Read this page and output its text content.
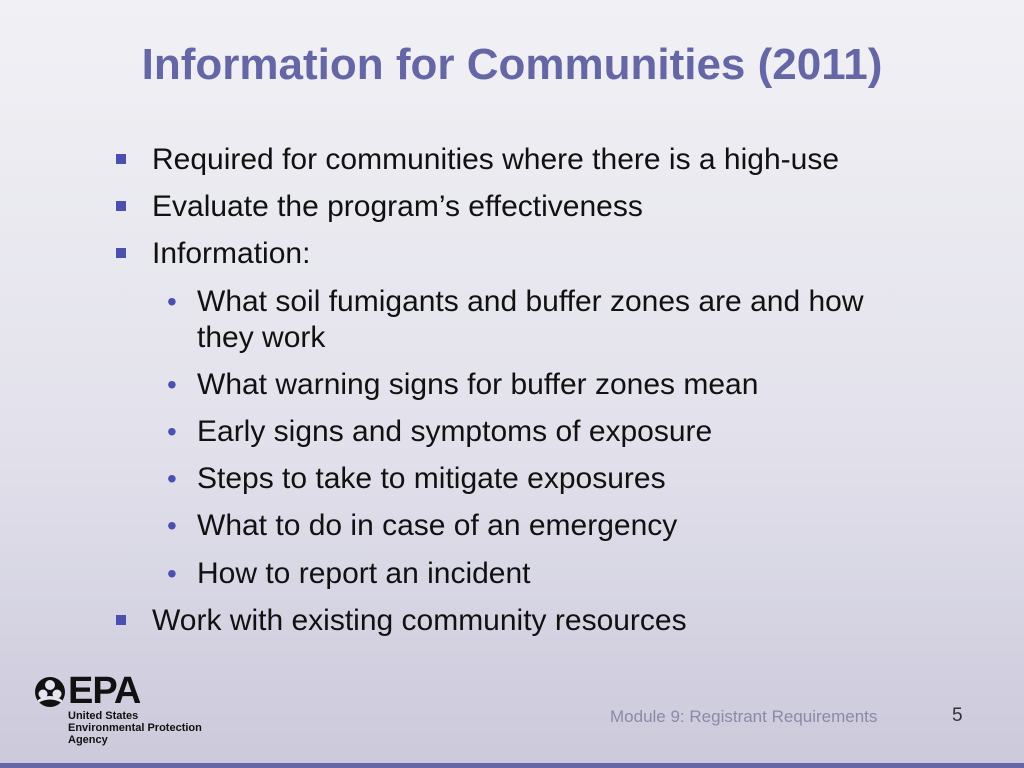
Information for Communities (2011)
Required for communities where there is a high-use
Evaluate the program’s effectiveness
Information:
• What soil fumigants and buffer zones are and how
they work
• What warning signs for buffer zones mean
• Early signs and symptoms of exposure
• Steps to take to mitigate exposures
• What to do in case of an emergency
• How to report an incident
Work with existing community resources
EPA
United States
Environmental Protection
Agency
Module 9: Registrant Requirements	5
